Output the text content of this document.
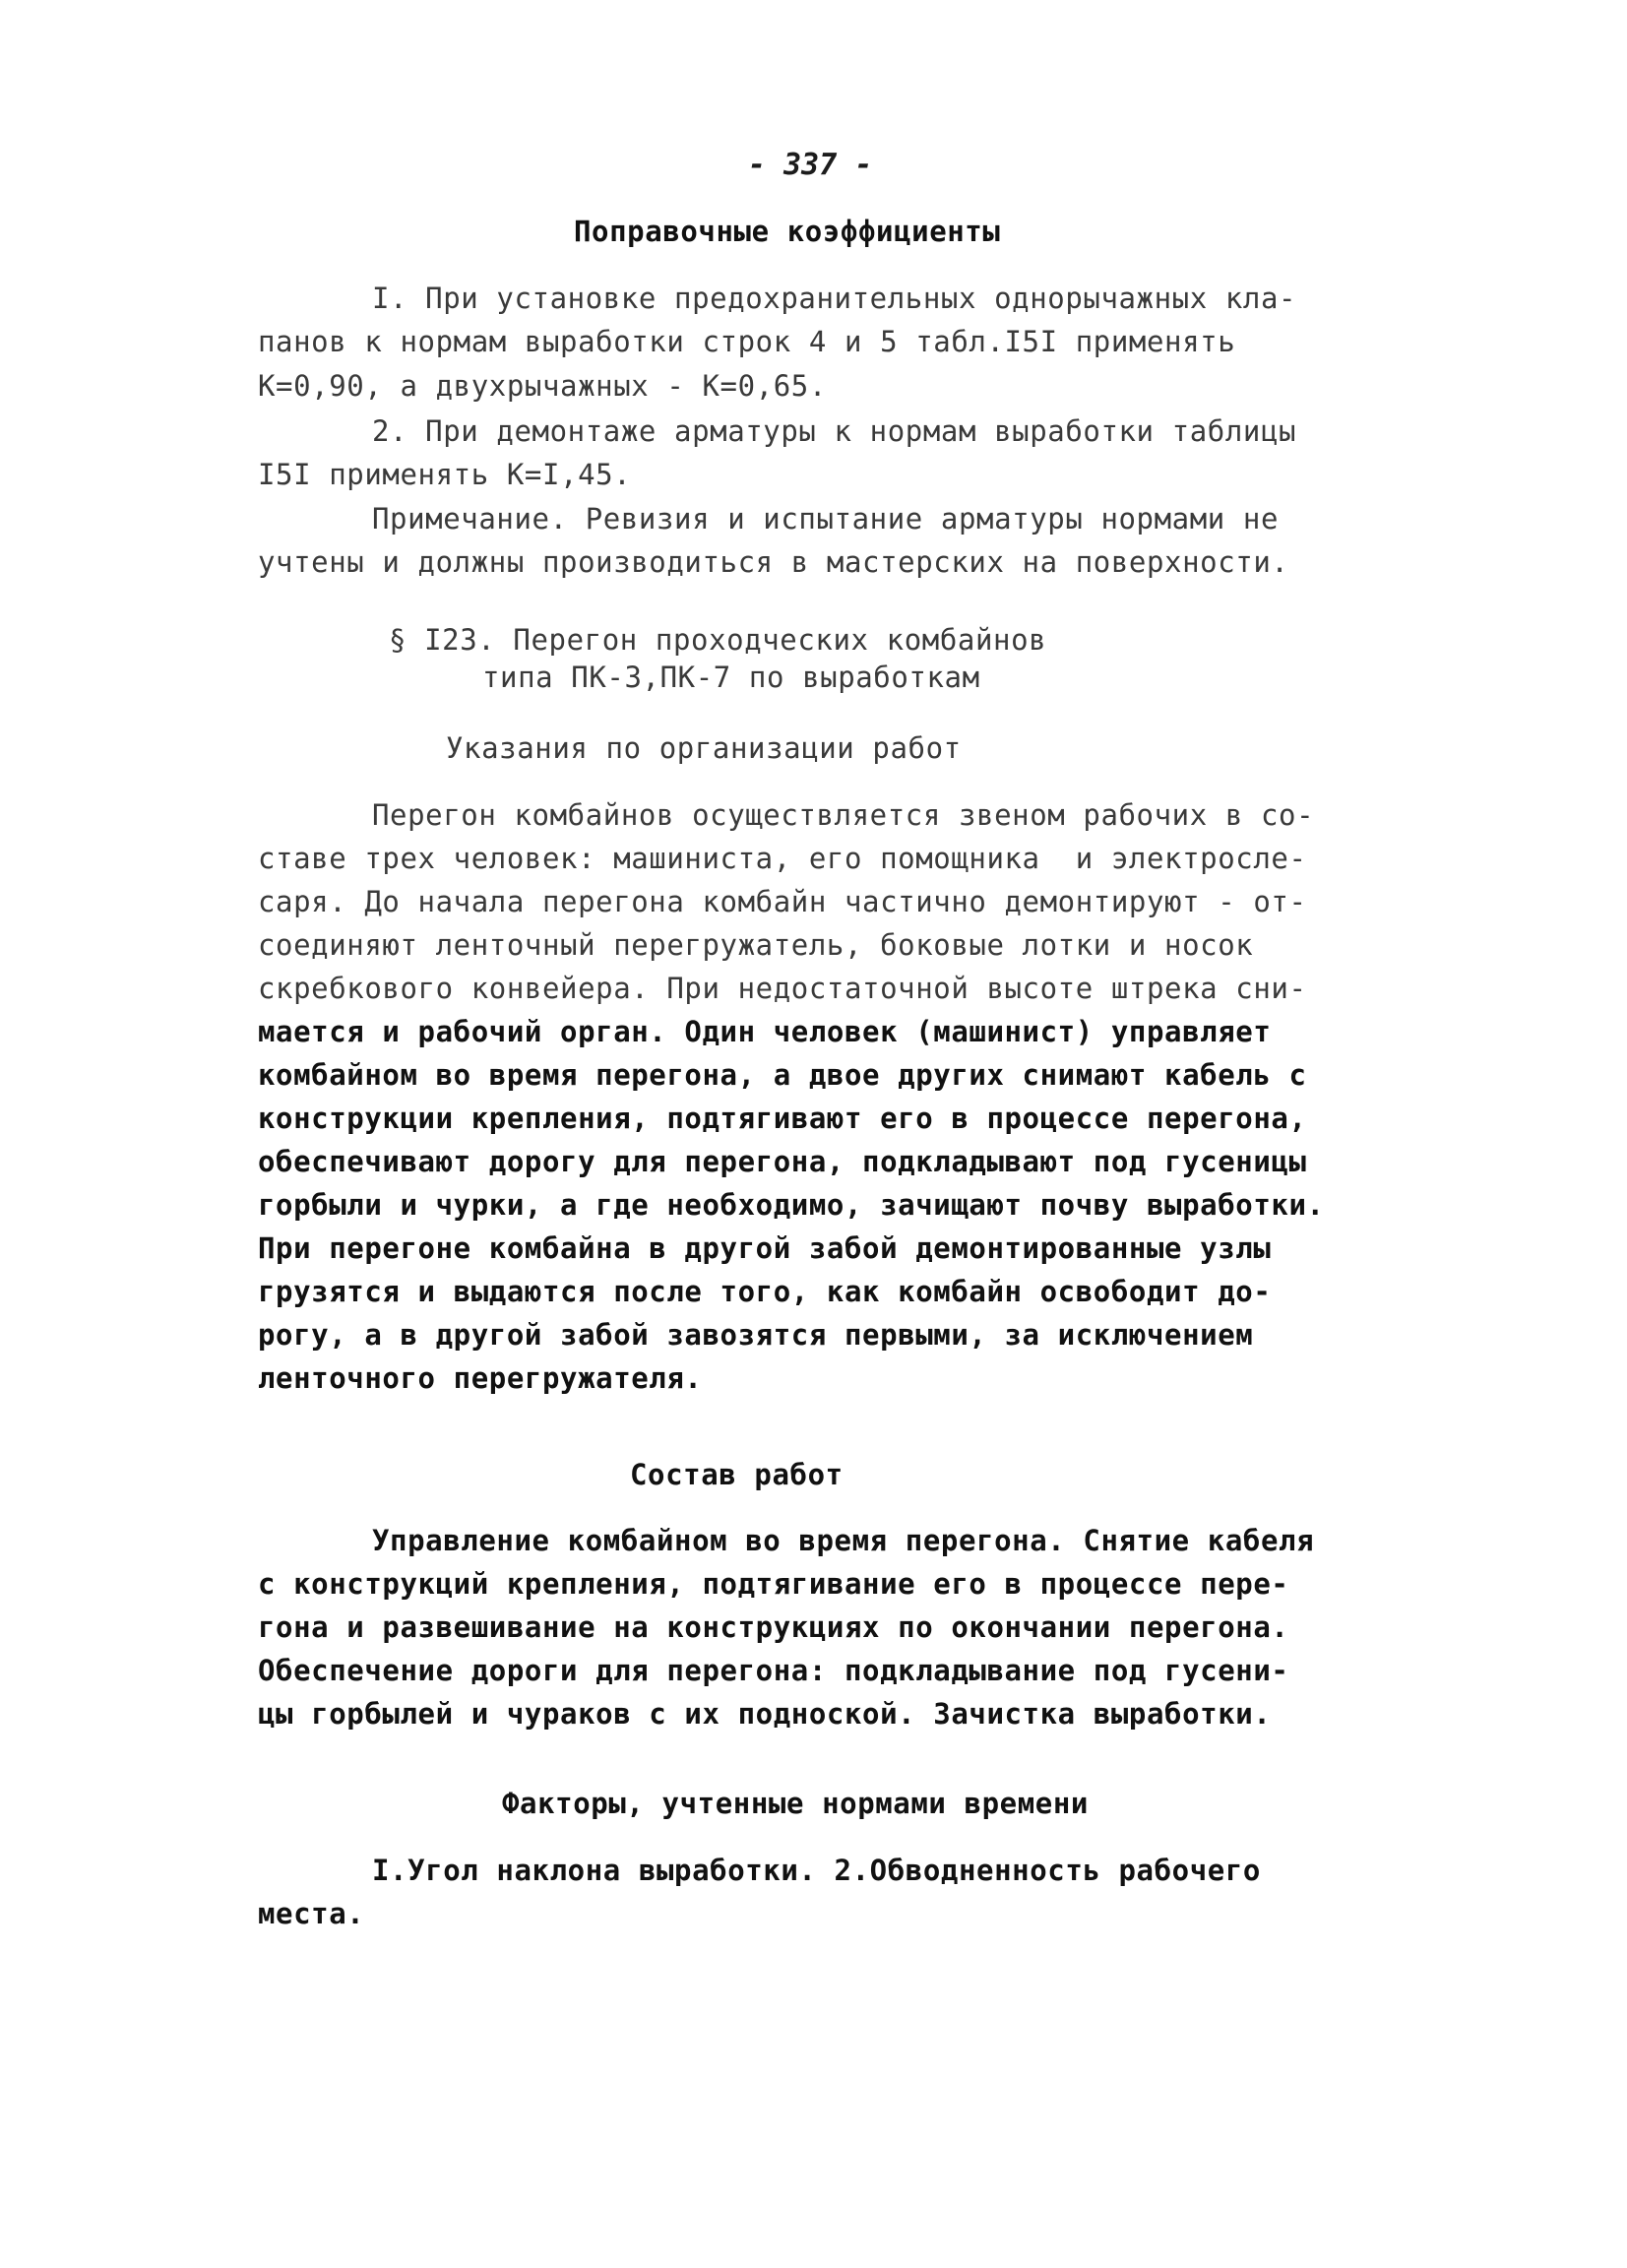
- 337 -
Поправочные коэффициенты
I. При установке предохранительных однорычажных кла-
панов к нормам выработки строк 4 и 5 табл.I5I применять
К=0,90, а двухрычажных - К=0,65.
2. При демонтаже арматуры к нормам выработки таблицы
I5I применять К=I,45.
Примечание. Ревизия и испытание арматуры нормами не
учтены и должны производиться в мастерских на поверхности.
§ I23. Перегон проходческих комбайнов
типа ПК-3,ПК-7 по выработкам
Указания по организации работ
Перегон комбайнов осуществляется звеном рабочих в со-
ставе трех человек: машиниста, его помощника  и электросле-
саря. До начала перегона комбайн частично демонтируют - от-
соединяют ленточный перегружатель, боковые лотки и носок
скребкового конвейера. При недостаточной высоте штрека сни-
мается и рабочий орган. Один человек (машинист) управляет
комбайном во время перегона, а двое других снимают кабель с
конструкции крепления, подтягивают его в процессе перегона,
обеспечивают дорогу для перегона, подкладывают под гусеницы
горбыли и чурки, а где необходимо, зачищают почву выработки.
При перегоне комбайна в другой забой демонтированные узлы
грузятся и выдаются после того, как комбайн освободит до-
рогу, а в другой забой завозятся первыми, за исключением
ленточного перегружателя.
Состав работ
Управление комбайном во время перегона. Снятие кабеля
с конструкций крепления, подтягивание его в процессе пере-
гона и развешивание на конструкциях по окончании перегона.
Обеспечение дороги для перегона: подкладывание под гусени-
цы горбылей и чураков с их подноской. Зачистка выработки.
Факторы, учтенные нормами времени
I.Угол наклона выработки. 2.Обводненность рабочего
места.
